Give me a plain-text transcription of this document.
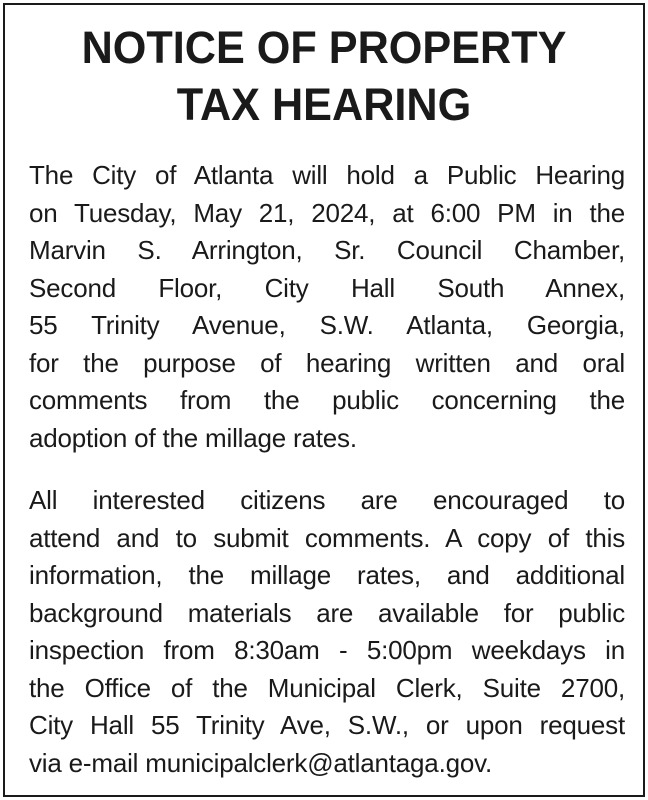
NOTICE OF PROPERTY
TAX HEARING
The City of Atlanta will hold a Public Hearing
on Tuesday, May 21, 2024, at 6:00 PM in the
Marvin S. Arrington, Sr. Council Chamber,
Second Floor, City Hall South Annex,
55 Trinity Avenue, S.W. Atlanta, Georgia,
for the purpose of hearing written and oral
comments from the public concerning the
adoption of the millage rates.
All interested citizens are encouraged to
attend and to submit comments. A copy of this
information, the millage rates, and additional
background materials are available for public
inspection from 8:30am - 5:00pm weekdays in
the Office of the Municipal Clerk, Suite 2700,
City Hall 55 Trinity Ave, S.W., or upon request
via e-mail municipalclerk@atlantaga.gov.
